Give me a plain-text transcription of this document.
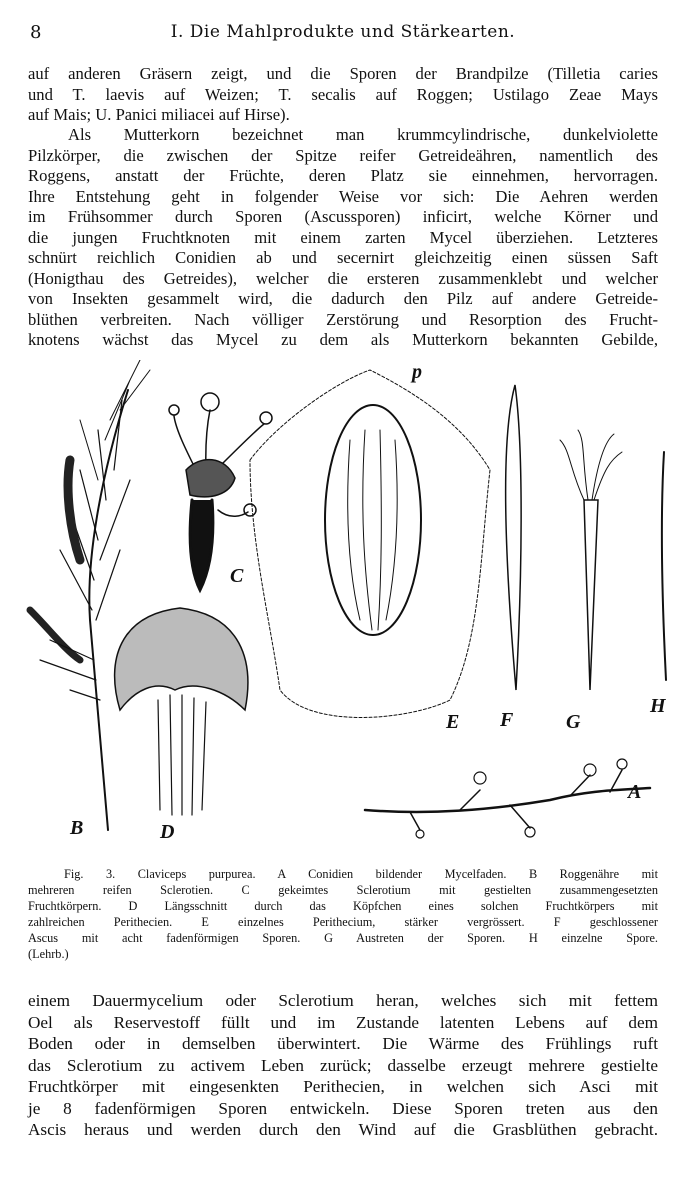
8	I. Die Mahlprodukte und Stärkearten.
auf anderen Gräsern zeigt, und die Sporen der Brandpilze (Tilletia caries
und T. laevis auf Weizen; T. secalis auf Roggen; Ustilago Zeae Mays
auf Mais; U. Panici miliacei auf Hirse).
Als Mutterkorn bezeichnet man krummcylindrische, dunkelviolette
Pilzkörper, die zwischen der Spitze reifer Getreideähren, namentlich des
Roggens, anstatt der Früchte, deren Platz sie einnehmen, hervorragen.
Ihre Entstehung geht in folgender Weise vor sich: Die Aehren werden
im Frühsommer durch Sporen (Ascussporen) inficirt, welche Körner und
die jungen Fruchtknoten mit einem zarten Mycel überziehen. Letzteres
schnürt reichlich Conidien ab und secernirt gleichzeitig einen süssen Saft
(Honigthau des Getreides), welcher die ersteren zusammenklebt und welcher
von Insekten gesammelt wird, die dadurch den Pilz auf andere Getreide-
blüthen verbreiten. Nach völliger Zerstörung und Resorption des Frucht-
knotens wächst das Mycel zu dem als Mutterkorn bekannten Gebilde,
p
C
E F	G
H
A
B	D
Fig. 3. Claviceps purpurea. A Conidien bildender Mycelfaden. B Roggenähre mit
mehreren reifen Sclerotien. C gekeimtes Sclerotium mit gestielten zusammengesetzten
Fruchtkörpern. D Längsschnitt durch das Köpfchen eines solchen Fruchtkörpers mit
zahlreichen Perithecien. E einzelnes Perithecium, stärker vergrössert. F geschlossener
Ascus mit acht fadenförmigen Sporen. G Austreten der Sporen. H einzelne Spore.
(Lehrb.)
einem Dauermycelium oder Sclerotium heran, welches sich mit fettem
Oel als Reservestoff füllt und im Zustande latenten Lebens auf dem
Boden oder in demselben überwintert. Die Wärme des Frühlings ruft
das Sclerotium zu activem Leben zurück; dasselbe erzeugt mehrere gestielte
Fruchtkörper mit eingesenkten Perithecien, in welchen sich Asci mit
je 8 fadenförmigen Sporen entwickeln. Diese Sporen treten aus den
Ascis heraus und werden durch den Wind auf die Grasblüthen gebracht.
